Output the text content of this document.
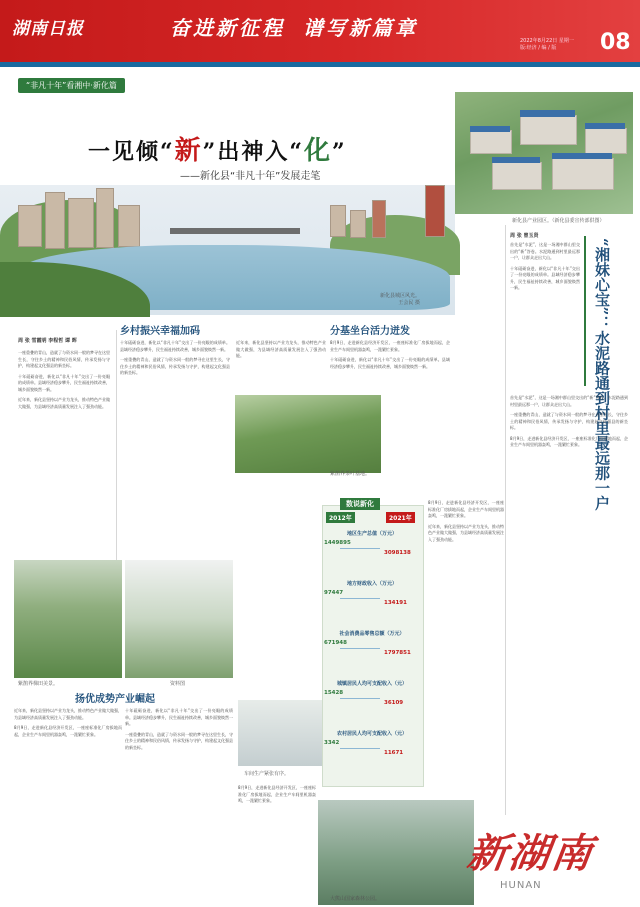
湖南日报	奋进新征程 谱写新篇章
2022年8月22日 星期一
版:经济 / 编 / 版	08
“非凡十年”看湘中·新化篇
一见倾“新”出神入“化”
——新化县“非凡十年”发展走笔
新化县城区风光。
王会民 摄
新化县产业园区。（新化县委宣传部供图）
周 张 雪霞明 李程哲 谭 晖
一座重叠的青山，造就了与资水同一般的梦寻在这里生长，守住乡土的精神和民俗风情，传承发扬与守护，构建起文化强县的新坐标。
十年砥砺奋进，新化以“非凡十年”交出了一份亮眼的成绩单。县域经济稳步攀升，民生福祉持续改善，城乡面貌焕然一新。
近年来，新化县坚持以产业为龙头，推动特色产业做大做强，为县域经济高质量发展注入了强劲动能。
乡村振兴幸福加码
十年砥砺奋进，新化以“非凡十年”交出了一份亮眼的成绩单。县域经济稳步攀升，民生福祉持续改善，城乡面貌焕然一新。
一座重叠的青山，造就了与资水同一般的梦寻在这里生长，守住乡土的精神和民俗风情，传承发扬与守护，构建起文化强县的新坐标。
近年来，新化县坚持以产业为龙头，推动特色产业做大做强，为县域经济高质量发展注入了强劲动能。
紫鹊界茶叶基地。
分基坐台活力迸发
8月9日，走进新化县经济开发区，一座座标准化厂房拔地而起，企业生产车间里机器轰鸣，一派繁忙景象。
十年砥砺奋进，新化以“非凡十年”交出了一份亮眼的成绩单。县域经济稳步攀升，民生福祉持续改善，城乡面貌焕然一新。
8月9日，走进新化县经济开发区，一座座标准化厂房拔地而起，企业生产车间里机器轰鸣，一派繁忙景象。
近年来，新化县坚持以产业为龙头，推动特色产业做大做强，为县域经济高质量发展注入了强劲动能。
数说新化
2012年	2021年
地区生产总值（万元）
1449895
3098138
地方财政收入（万元）
97447
134191
社会消费品零售总额（万元）
671948
1797851
城镇居民人均可支配收入（元）
15428
36109
农村居民人均可支配收入（元）
3342
11671
紫鹊界梯田美景。	资料图
扬优成势产业崛起
近年来，新化县坚持以产业为龙头，推动特色产业做大做强，为县域经济高质量发展注入了强劲动能。
8月9日，走进新化县经济开发区，一座座标准化厂房拔地而起，企业生产车间里机器轰鸣，一派繁忙景象。
十年砥砺奋进，新化以“非凡十年”交出了一份亮眼的成绩单。县域经济稳步攀升，民生福祉持续改善，城乡面貌焕然一新。
一座重叠的青山，造就了与资水同一般的梦寻在这里生长，守住乡土的精神和民俗风情，传承发扬与守护，构建起文化强县的新坐标。
车间生产紧张有序。
8月9日，走进新化县经济开发区，一座座标准化厂房拔地而起，企业生产车间里机器轰鸣，一派繁忙景象。
大熊山国家森林公园。
周 张 曾玉贤
“湘妹心宝”：水泥路通到村里最远那一户
首先是“水泥”，这是一场湘中群山里交出的“新”答卷。水泥路通到村里最远那一户，让群众走出大山。
十年砥砺奋进，新化以“非凡十年”交出了一份亮眼的成绩单。县域经济稳步攀升，民生福祉持续改善，城乡面貌焕然一新。
首先是“水泥”，这是一场湘中群山里交出的“新”答卷。水泥路通到村里最远那一户，让群众走出大山。
一座重叠的青山，造就了与资水同一般的梦寻在这里生长，守住乡土的精神和民俗风情，传承发扬与守护，构建起文化强县的新坐标。
8月9日，走进新化县经济开发区，一座座标准化厂房拔地而起，企业生产车间里机器轰鸣，一派繁忙景象。
新湖南
HUNAN
